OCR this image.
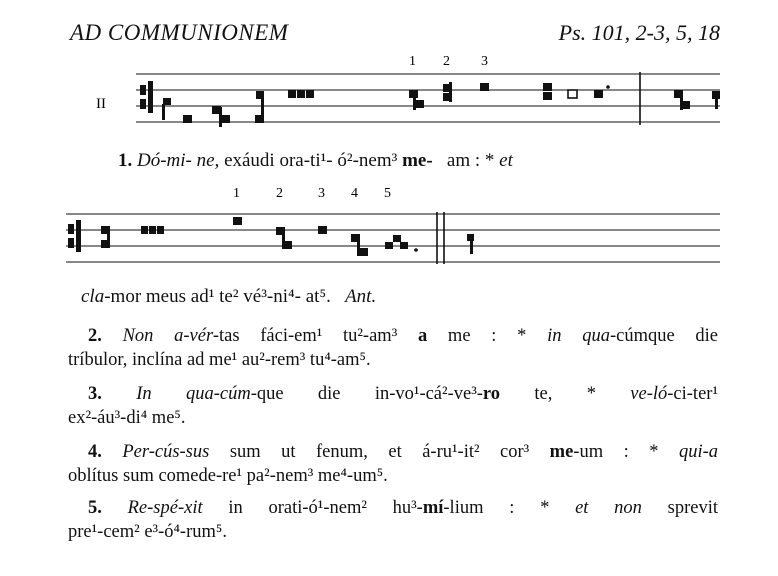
AD COMMUNIONEM	Ps. 101, 2-3, 5, 18
II
1 2 3
1. Dó-mi- ne, exáudi ora-ti¹- ó²-nem³ me-   am : * et
1	2	3 4 5
cla-mor meus ad¹ te² vé³-ni⁴- at⁵.   Ant.
2. Non a-vér-tas fáci-em¹ tu²-am³ a me : * in qua-cúmque die
tríbulor, inclína ad me¹ au²-rem³ tu⁴-am⁵.
3. In qua-cúm-que die in-vo¹-cá²-ve³-ro te, * ve-ló-ci-ter¹
ex²-áu³-di⁴ me⁵.
4. Per-cús-sus sum ut fenum, et á-ru¹-it² cor³ me-um : * qui-a
oblítus sum comede-re¹ pa²-nem³ me⁴-um⁵.
5. Re-spé-xit in orati-ó¹-nem² hu³-mí-lium : * et non sprevit
pre¹-cem² e³-ó⁴-rum⁵.
